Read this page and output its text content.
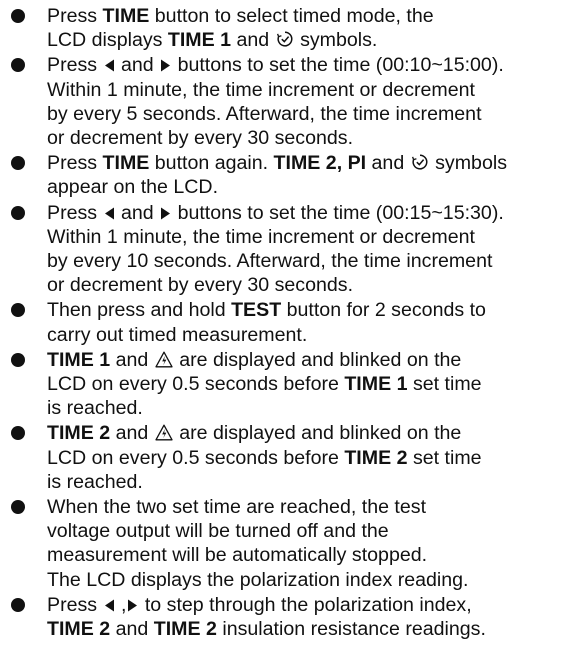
Press TIME button to select timed mode, the
LCD displays TIME 1 and
symbols.
Press
and
buttons to set the time (00:10~15:00).
Within 1 minute, the time increment or decrement
by every 5 seconds. Afterward, the time increment
or decrement by every 30 seconds.
Press TIME button again. TIME 2, PI and
symbols
appear on the LCD.
Press
and
buttons to set the time (00:15~15:30).
Within 1 minute, the time increment or decrement
by every 10 seconds. Afterward, the time increment
or decrement by every 30 seconds.
Then press and hold TEST button for 2 seconds to
carry out timed measurement.
TIME 1 and
are displayed and blinked on the
LCD on every 0.5 seconds before TIME 1 set time
is reached.
TIME 2 and
are displayed and blinked on the
LCD on every 0.5 seconds before TIME 2 set time
is reached.
When the two set time are reached, the test
voltage output will be turned off and the
measurement will be automatically stopped.
The LCD displays the polarization index reading.
Press
,
to step through the polarization index,
TIME 2 and TIME 2 insulation resistance readings.
